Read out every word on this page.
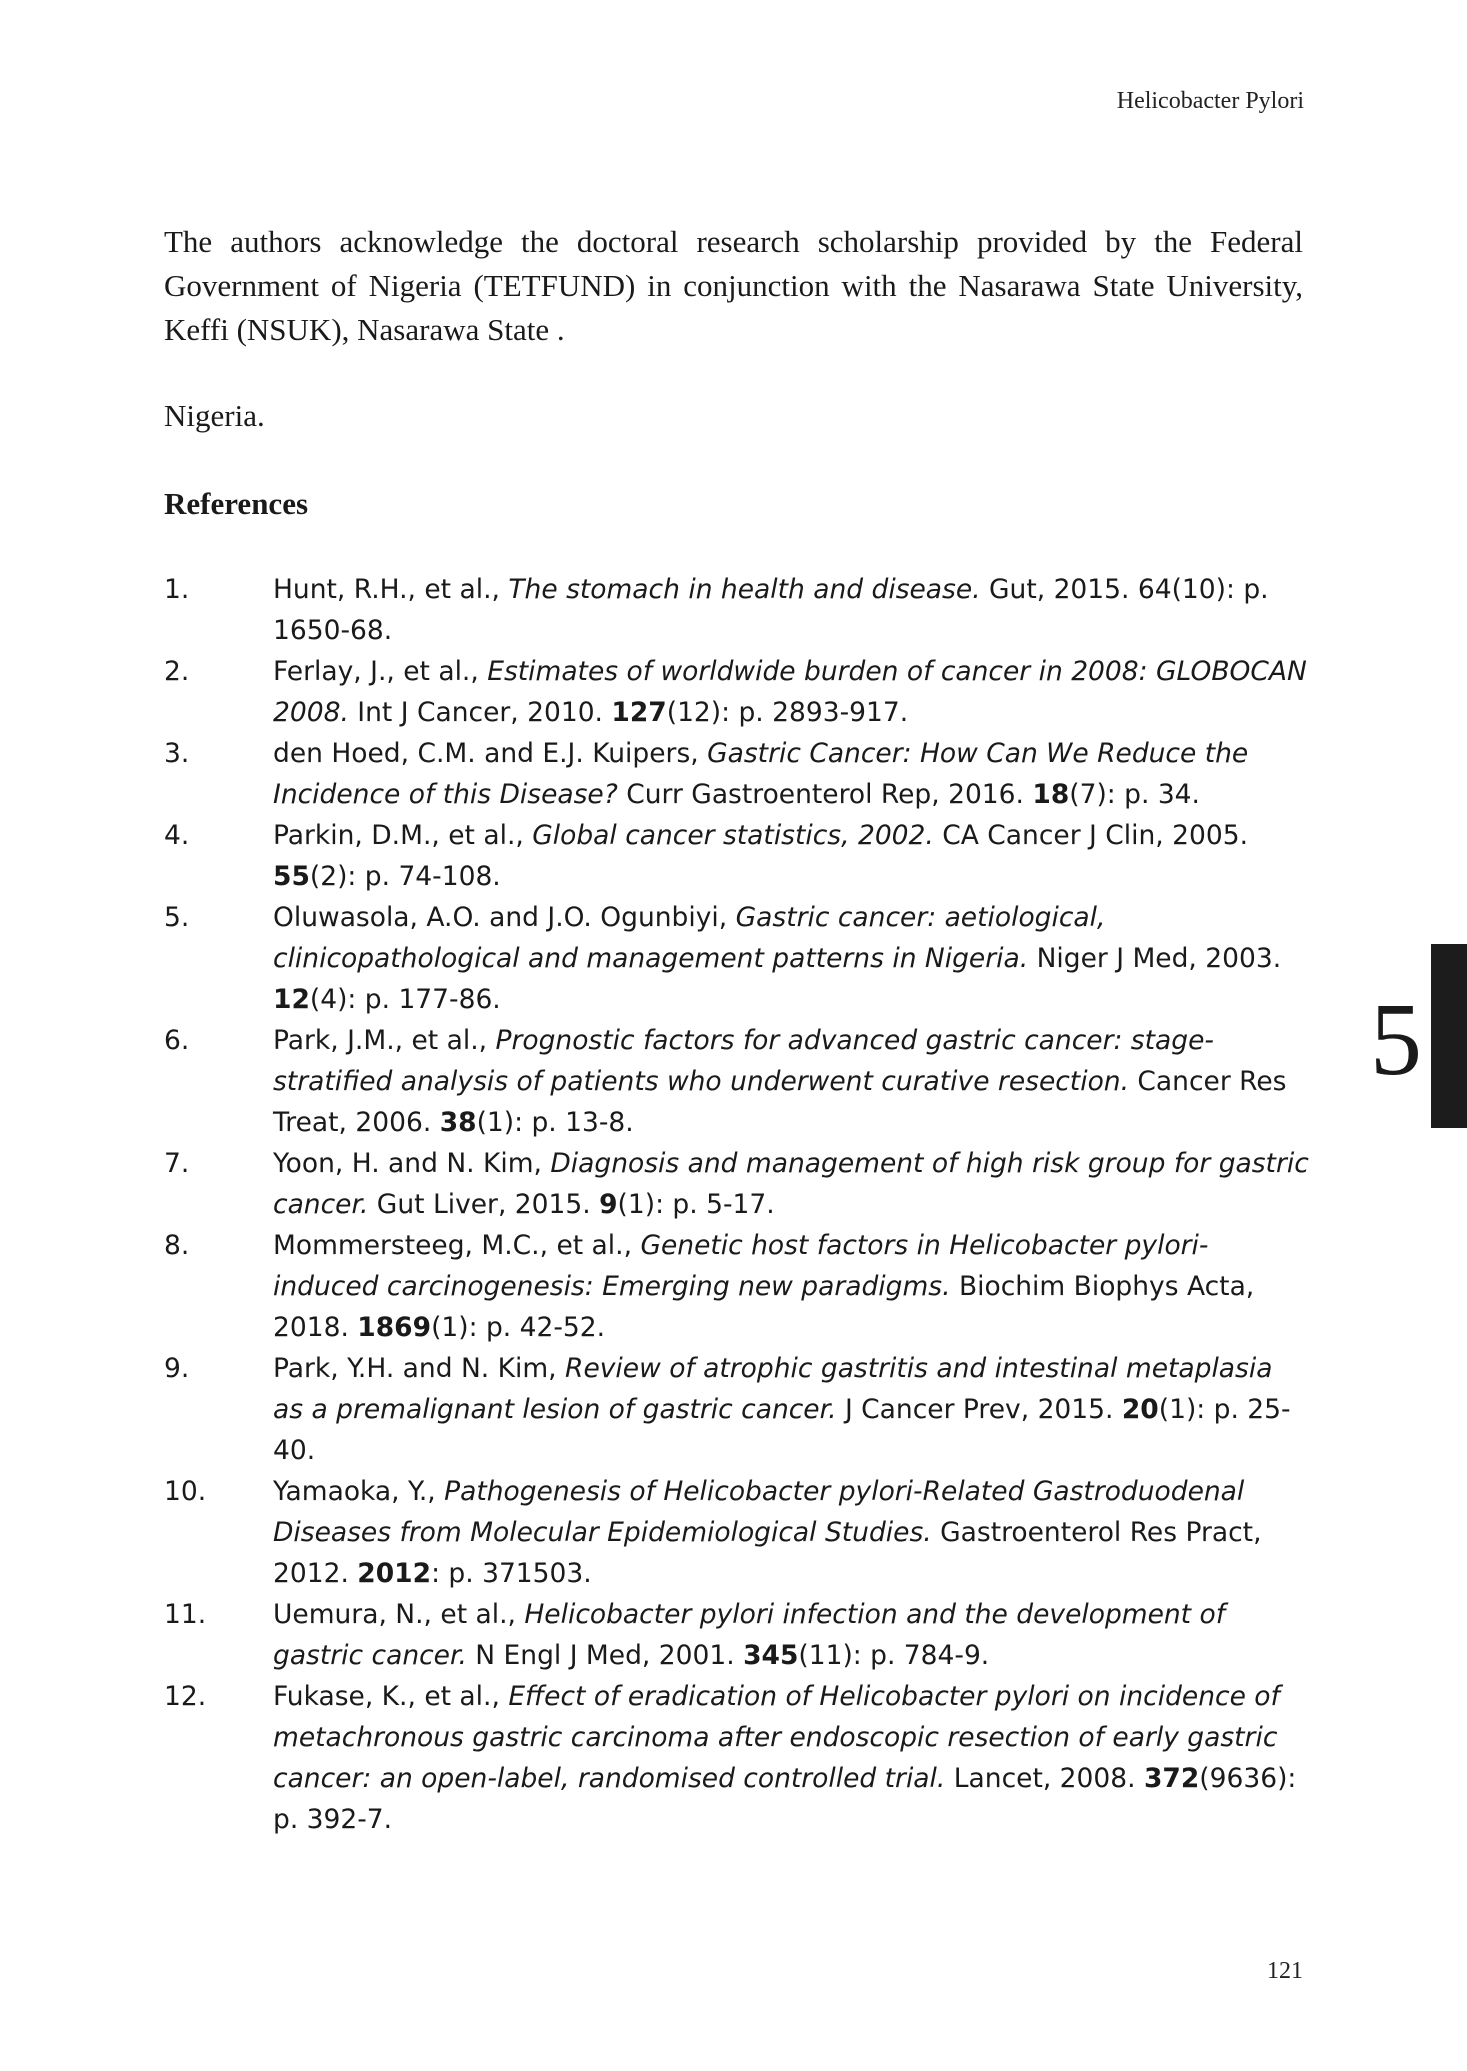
Helicobacter Pylori

The authors acknowledge the doctoral research scholarship provided by the Federal Government of Nigeria (TETFUND) in conjunction with the Nasarawa State University, Keffi (NSUK), Nasarawa State .

Nigeria.

References
1.	Hunt, R.H., et al., The stomach in health and disease. Gut, 2015. 64(10): p. 1650-68.
2.	Ferlay, J., et al., Estimates of worldwide burden of cancer in 2008: GLOBOCAN 2008. Int J Cancer, 2010. 127(12): p. 2893-917.
3.	den Hoed, C.M. and E.J. Kuipers, Gastric Cancer: How Can We Reduce the Incidence of this Disease? Curr Gastroenterol Rep, 2016. 18(7): p. 34.
4.	Parkin, D.M., et al., Global cancer statistics, 2002. CA Cancer J Clin, 2005. 55(2): p. 74-108.
5.	Oluwasola, A.O. and J.O. Ogunbiyi, Gastric cancer: aetiological, clinicopathological and management patterns in Nigeria. Niger J Med, 2003. 12(4): p. 177-86.
6.	Park, J.M., et al., Prognostic factors for advanced gastric cancer: stage-stratified analysis of patients who underwent curative resection. Cancer Res Treat, 2006. 38(1): p. 13-8.
7.	Yoon, H. and N. Kim, Diagnosis and management of high risk group for gastric cancer. Gut Liver, 2015. 9(1): p. 5-17.
8.	Mommersteeg, M.C., et al., Genetic host factors in Helicobacter pylori-induced carcinogenesis: Emerging new paradigms. Biochim Biophys Acta, 2018. 1869(1): p. 42-52.
9.	Park, Y.H. and N. Kim, Review of atrophic gastritis and intestinal metaplasia as a premalignant lesion of gastric cancer. J Cancer Prev, 2015. 20(1): p. 25-40.
10.	Yamaoka, Y., Pathogenesis of Helicobacter pylori-Related Gastroduodenal Diseases from Molecular Epidemiological Studies. Gastroenterol Res Pract, 2012. 2012: p. 371503.
11.	Uemura, N., et al., Helicobacter pylori infection and the development of gastric cancer. N Engl J Med, 2001. 345(11): p. 784-9.
12.	Fukase, K., et al., Effect of eradication of Helicobacter pylori on incidence of metachronous gastric carcinoma after endoscopic resection of early gastric cancer: an open-label, randomised controlled trial. Lancet, 2008. 372(9636): p. 392-7.
5
121
